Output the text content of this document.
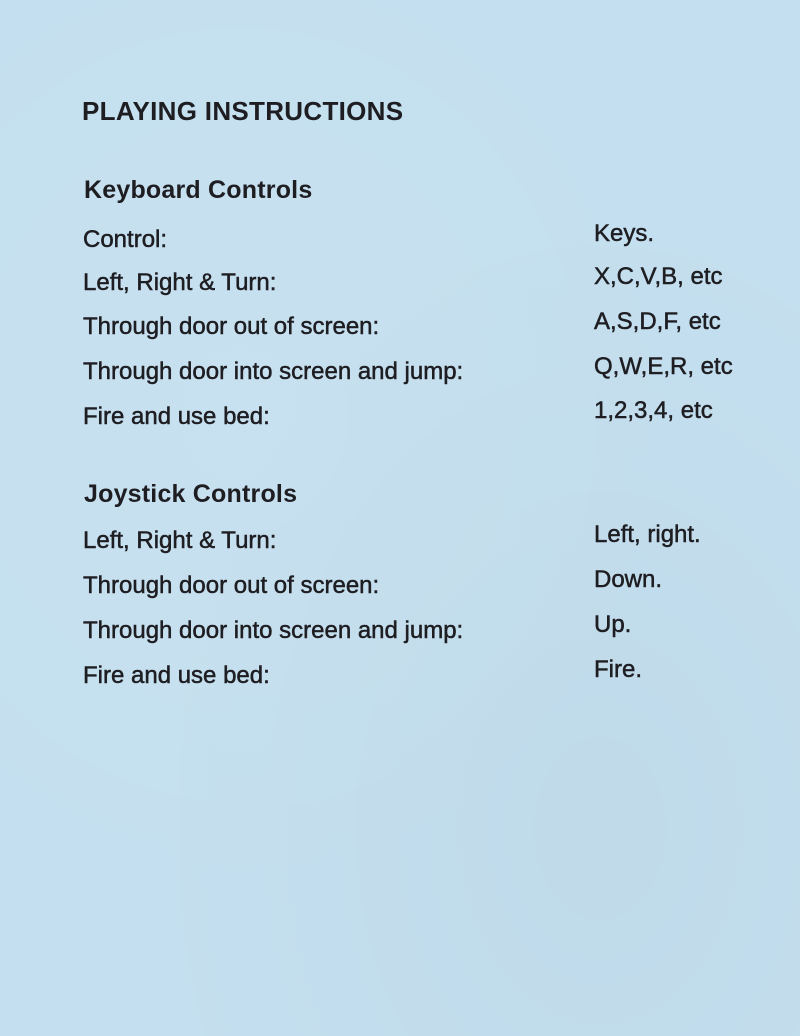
PLAYING INSTRUCTIONS
Keyboard Controls
Control:	Keys.
Left, Right & Turn:	X,C,V,B, etc
Through door out of screen:	A,S,D,F, etc
Through door into screen and jump:	Q,W,E,R, etc
Fire and use bed:	1,2,3,4, etc
Joystick Controls
Left, Right & Turn:	Left, right.
Through door out of screen:	Down.
Through door into screen and jump:	Up.
Fire and use bed:	Fire.
